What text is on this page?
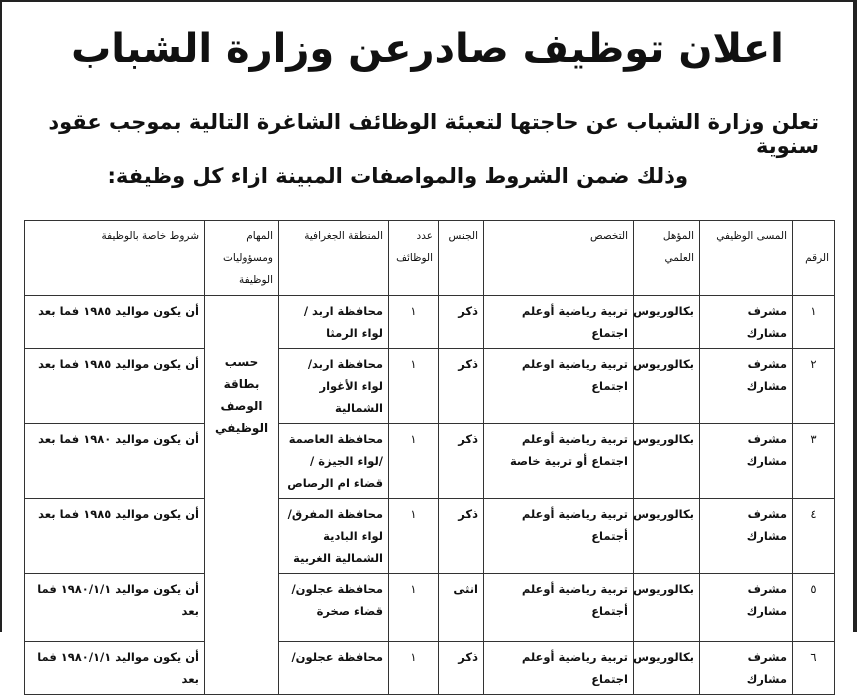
اعلان توظيف صادرعن وزارة الشباب
تعلن وزارة الشباب عن حاجتها لتعبئة الوظائف الشاغرة التالية بموجب عقود سنوية
وذلك ضمن الشروط والمواصفات المبينة ازاء كل وظيفة:
الرقم	المسى الوظيفي	المؤهل العلمي	التخصص	الجنس	عدد الوظائف	المنطقة الجغرافية	المهام ومسؤوليات الوظيفة	شروط خاصة بالوظيفة
١	مشرف مشارك	بكالوريوس	تربية رياضية أوعلم اجتماع	ذكر	١	محافظة اربد /لواء الرمثا	حسب بطاقة الوصف الوظيفي	أن يكون مواليد ١٩٨٥ فما بعد
٢	مشرف مشارك	بكالوريوس	تربية رياضية اوعلم اجتماع	ذكر	١	محافظة اربد/ لواء الأغوار الشمالية		أن يكون مواليد ١٩٨٥ فما بعد
٣	مشرف مشارك	بكالوريوس	تربية رياضية أوعلم اجتماع أو تربية خاصة	ذكر	١	محافظة العاصمة /لواء الجيزة /قضاء ام الرصاص		أن يكون مواليد ١٩٨٠ فما بعد
٤	مشرف مشارك	بكالوريوس	تربية رياضية أوعلم أجتماع	ذكر	١	محافظة المفرق/ لواء البادية الشمالية الغربية		أن يكون مواليد ١٩٨٥ فما بعد
٥	مشرف مشارك	بكالوريوس	تربية رياضية أوعلم أجتماع	انثى	١	محافظة عجلون/ قضاء صخرة		أن يكون مواليد ١٩٨٠/١/١ فما بعد
٦	مشرف مشارك	بكالوريوس	تربية رياضية أوعلم اجتماع	ذكر	١	محافظة عجلون/		أن يكون مواليد ١٩٨٠/١/١ فما بعد
